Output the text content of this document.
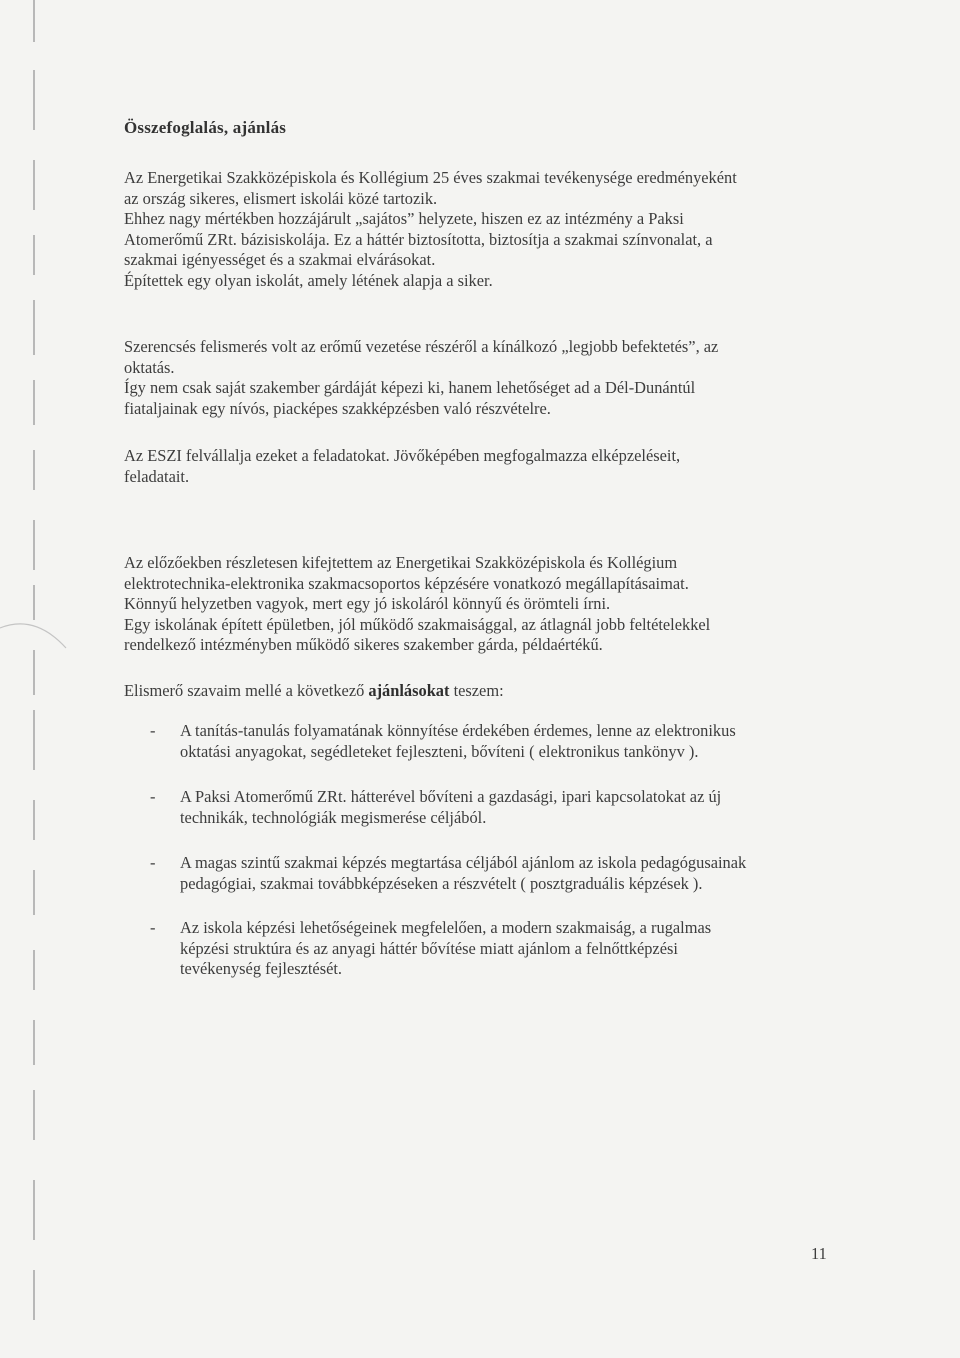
Összefoglalás, ajánlás
Az Energetikai Szakközépiskola és Kollégium 25 éves szakmai tevékenysége eredményeként
az ország sikeres, elismert iskolái közé tartozik.
Ehhez nagy mértékben hozzájárult „sajátos” helyzete, hiszen ez az intézmény a Paksi
Atomerőmű ZRt. bázisiskolája. Ez a háttér biztosította, biztosítja a szakmai színvonalat, a
szakmai igényességet és a szakmai elvárásokat.
Építettek egy olyan iskolát, amely létének alapja a siker.
Szerencsés felismerés volt az erőmű vezetése részéről a kínálkozó „legjobb befektetés”, az
oktatás.
Így nem csak saját szakember gárdáját képezi ki, hanem lehetőséget ad a Dél-Dunántúl
fiataljainak egy nívós, piacképes szakképzésben való részvételre.
Az ESZI felvállalja ezeket a feladatokat. Jövőképében megfogalmazza elképzeléseit,
feladatait.
Az előzőekben részletesen kifejtettem az Energetikai Szakközépiskola és Kollégium
elektrotechnika-elektronika szakmacsoportos képzésére vonatkozó megállapításaimat.
Könnyű helyzetben vagyok, mert egy jó iskoláról könnyű és örömteli írni.
Egy iskolának épített épületben, jól működő szakmaisággal, az átlagnál jobb feltételekkel
rendelkező intézményben működő sikeres szakember gárda, példaértékű.
Elismerő szavaim mellé a következő ajánlásokat teszem:
- A tanítás-tanulás folyamatának könnyítése érdekében érdemes, lenne az elektronikus
oktatási anyagokat, segédleteket fejleszteni, bővíteni ( elektronikus tankönyv ).
- A Paksi Atomerőmű ZRt. hátterével bővíteni a gazdasági, ipari kapcsolatokat az új
technikák, technológiák megismerése céljából.
- A magas szintű szakmai képzés megtartása céljából ajánlom az iskola pedagógusainak
pedagógiai, szakmai továbbképzéseken a részvételt ( posztgraduális képzések ).
- Az iskola képzési lehetőségeinek megfelelően, a modern szakmaiság, a rugalmas
képzési struktúra és az anyagi háttér bővítése miatt ajánlom a felnőttképzési
tevékenység fejlesztését.
11
